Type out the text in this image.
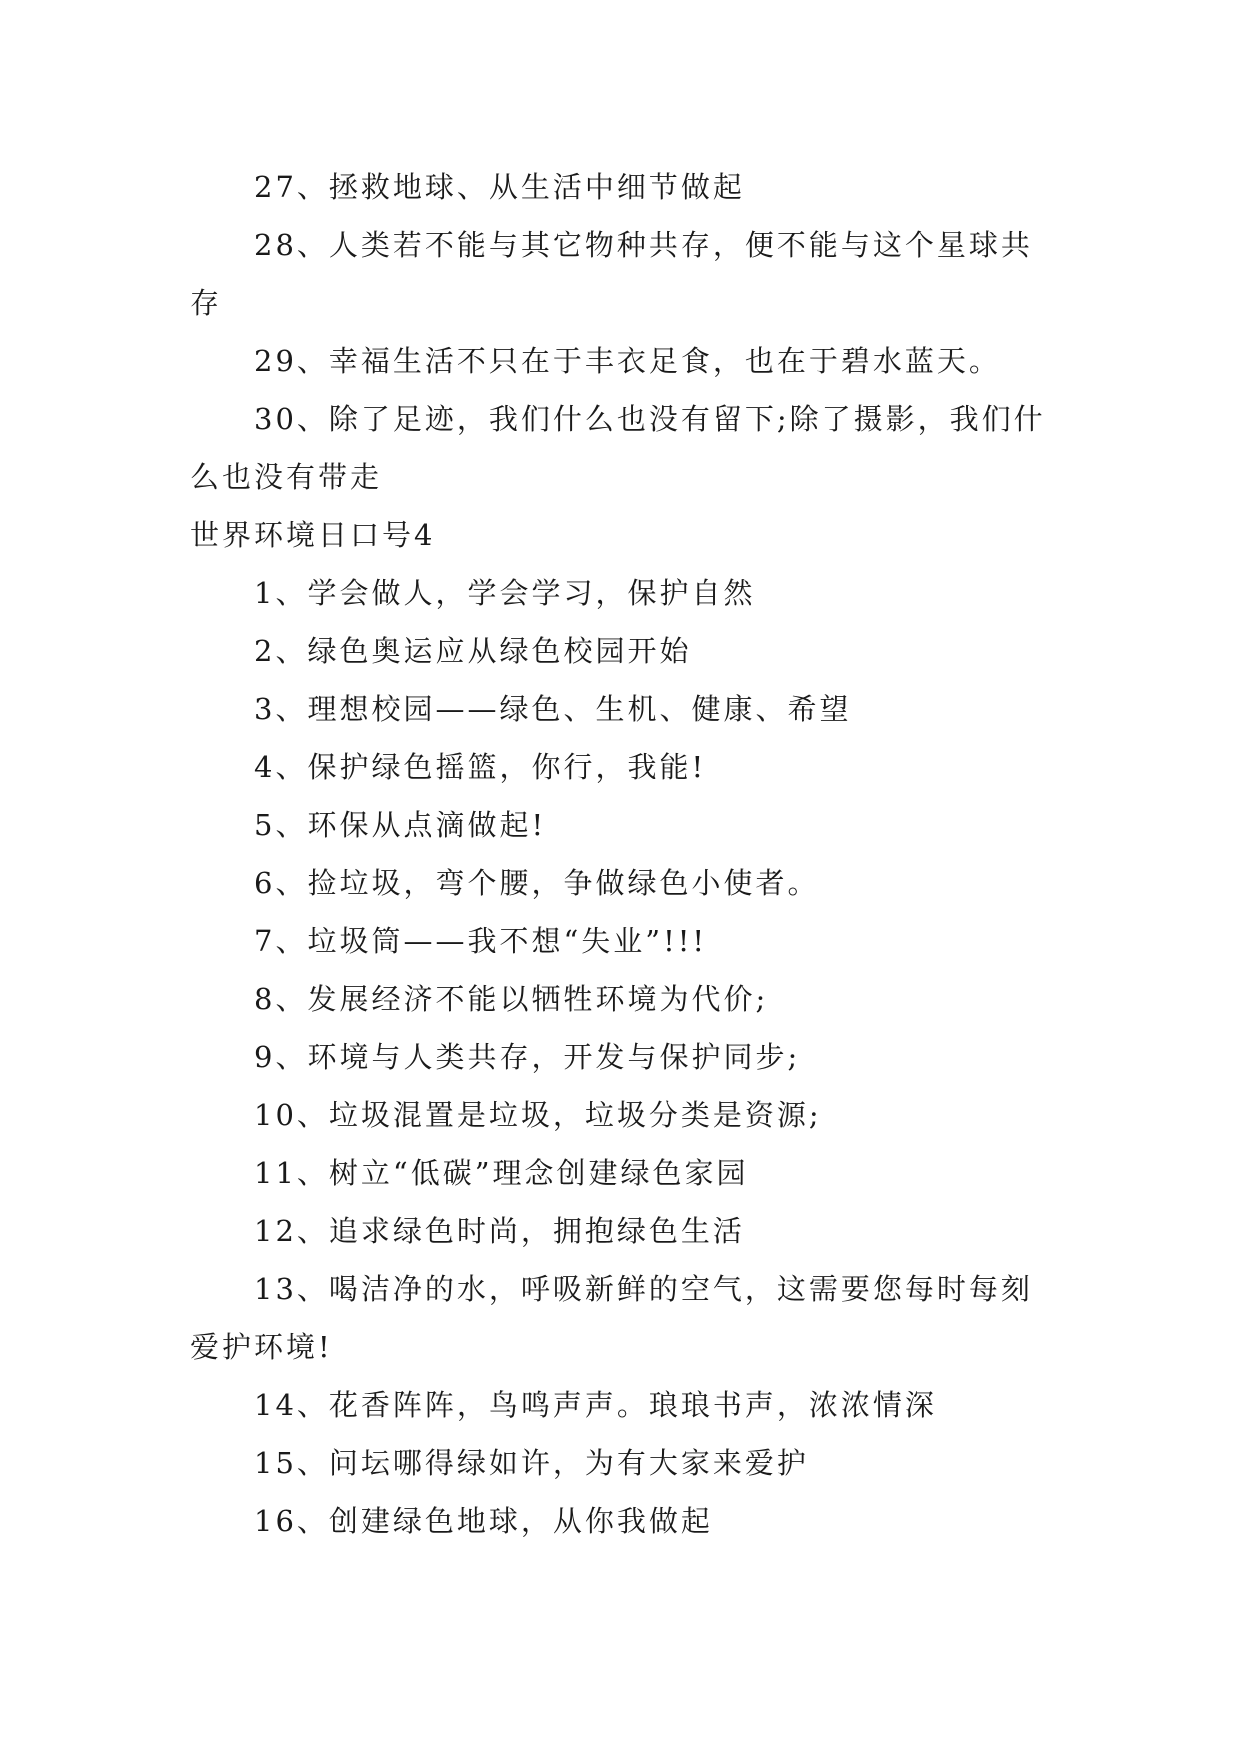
27、拯救地球、从生活中细节做起

28、人类若不能与其它物种共存，便不能与这个星球共存

29、幸福生活不只在于丰衣足食，也在于碧水蓝天。

30、除了足迹，我们什么也没有留下;除了摄影，我们什么也没有带走

世界环境日口号4

1、学会做人，学会学习，保护自然

2、绿色奥运应从绿色校园开始

3、理想校园——绿色、生机、健康、希望

4、保护绿色摇篮，你行，我能!

5、环保从点滴做起!

6、捡垃圾，弯个腰，争做绿色小使者。

7、垃圾筒——我不想“失业”!!!

8、发展经济不能以牺牲环境为代价;

9、环境与人类共存，开发与保护同步;

10、垃圾混置是垃圾，垃圾分类是资源;

11、树立“低碳”理念创建绿色家园

12、追求绿色时尚，拥抱绿色生活

13、喝洁净的水，呼吸新鲜的空气，这需要您每时每刻爱护环境!

14、花香阵阵，鸟鸣声声。琅琅书声，浓浓情深

15、问坛哪得绿如许，为有大家来爱护

16、创建绿色地球，从你我做起
